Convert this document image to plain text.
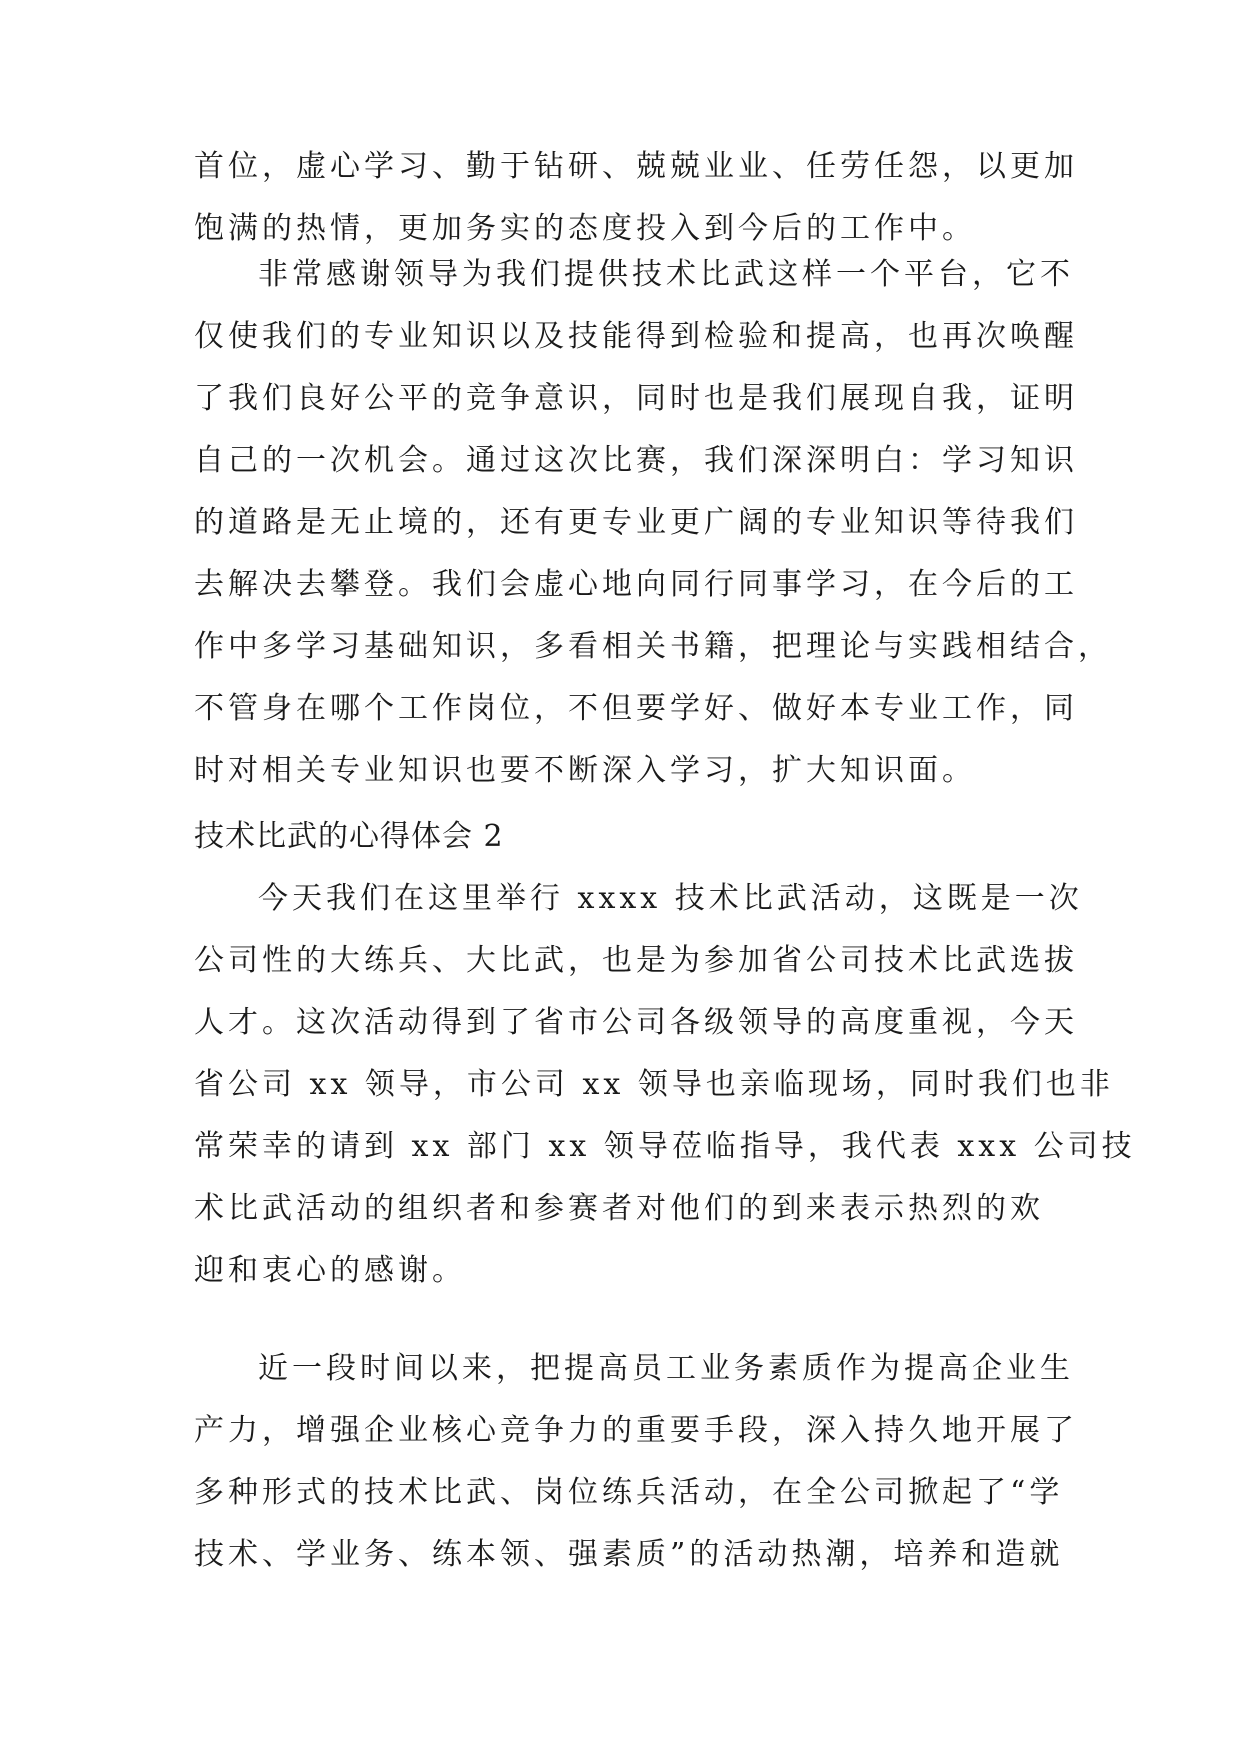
首位，虚心学习、勤于钻研、兢兢业业、任劳任怨，以更加
饱满的热情，更加务实的态度投入到今后的工作中。
非常感谢领导为我们提供技术比武这样一个平台，它不
仅使我们的专业知识以及技能得到检验和提高，也再次唤醒
了我们良好公平的竞争意识，同时也是我们展现自我，证明
自己的一次机会。通过这次比赛，我们深深明白：学习知识
的道路是无止境的，还有更专业更广阔的专业知识等待我们
去解决去攀登。我们会虚心地向同行同事学习，在今后的工
作中多学习基础知识，多看相关书籍，把理论与实践相结合，
不管身在哪个工作岗位，不但要学好、做好本专业工作，同
时对相关专业知识也要不断深入学习，扩大知识面。
技术比武的心得体会 2
今天我们在这里举行 xxxx 技术比武活动，这既是一次
公司性的大练兵、大比武，也是为参加省公司技术比武选拔
人才。这次活动得到了省市公司各级领导的高度重视，今天
省公司 xx 领导，市公司 xx 领导也亲临现场，同时我们也非
常荣幸的请到 xx 部门 xx 领导莅临指导，我代表 xxx 公司技
术比武活动的组织者和参赛者对他们的到来表示热烈的欢
迎和衷心的感谢。
近一段时间以来，把提高员工业务素质作为提高企业生
产力，增强企业核心竞争力的重要手段，深入持久地开展了
多种形式的技术比武、岗位练兵活动，在全公司掀起了“学
技术、学业务、练本领、强素质”的活动热潮，培养和造就
